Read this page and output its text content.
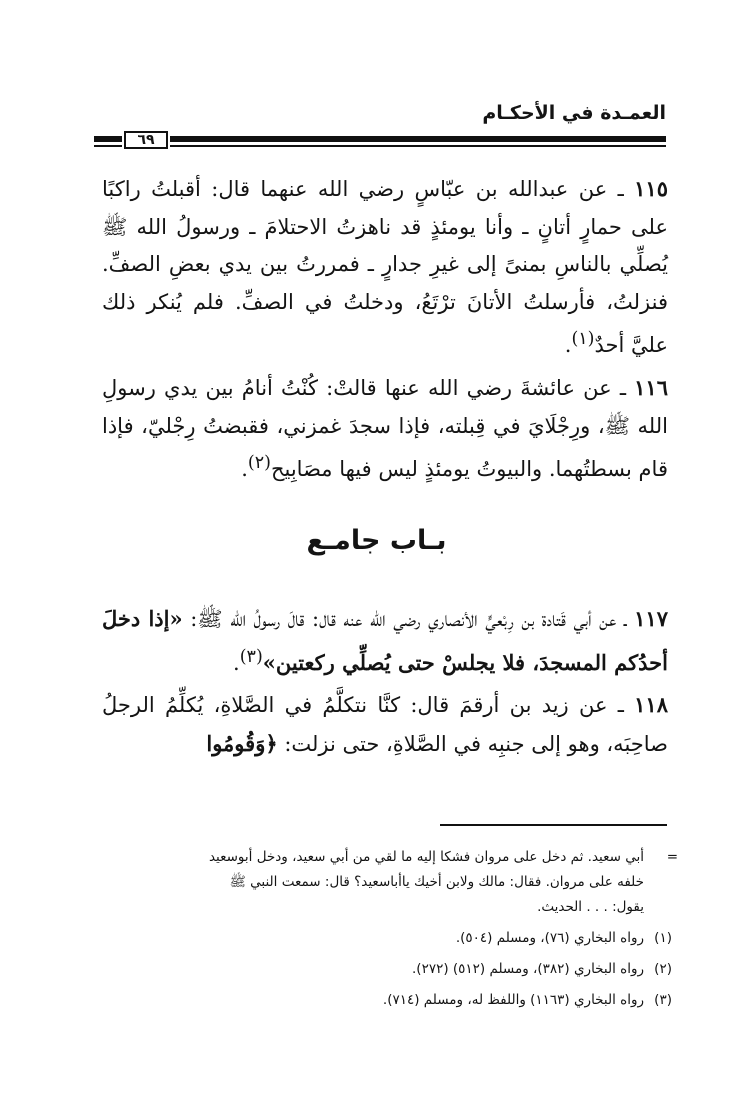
العمـدة في الأحكـام
٦٩

١١٥ ـ عن عبدالله بن عبّاسٍ رضي الله عنهما قال: أقبلتُ راكبًا على حمارٍ أتانٍ ـ وأنا يومئذٍ قد ناهزتُ الاحتلامَ ـ ورسولُ الله ﷺ يُصلِّي بالناسِ بمنىً إلى غيرِ جدارٍ ـ فمررتُ بين يدي بعضِ الصفِّ. فنزلتُ، فأرسلتُ الأتانَ ترْتَعُ، ودخلتُ في الصفِّ. فلم يُنكر ذلك عليَّ أحدٌ$^{(١)}$.

١١٦ ـ عن عائشةَ رضي الله عنها قالتْ: كُنْتُ أنامُ بين يدي رسولِ الله ﷺ، ورِجْلَايَ في قِبلته، فإذا سجدَ غمزني، فقبضتُ رِجْليّ، فإذا قام بسطتُهما. والبيوتُ يومئذٍ ليس فيها مصَابِيح$^{(٢)}$.

بـاب جامـع

١١٧ ـ عن أبي قَتادة بن رِبْعيٍّ الأنصاري رضي الله عنه قال: قالَ رسولُ الله ﷺ: «إذا دخلَ أحدُكم المسجدَ، فلا يجلسْ حتى يُصلِّي ركعتين»$^{(٣)}$.

١١٨ ـ عن زيد بن أرقمَ قال: كنَّا نتكلَّمُ في الصَّلاةِ، يُكلِّمُ الرجلُ صاحِبَه، وهو إلى جنبِه في الصَّلاةِ، حتى نزلت: ﴿وَقُومُوا

=
أبي سعيد. ثم دخل على مروان فشكا إليه ما لقي من أبي سعيد، ودخل أبوسعيد
خلفه على مروان. فقال: مالك ولابن أخيك ياأباسعيد؟ قال: سمعت النبي ﷺ
يقول: . . . الحديث.
(١)
رواه البخاري (٧٦)، ومسلم (٥٠٤).
(٢)
رواه البخاري (٣٨٢)، ومسلم (٥١٢) (٢٧٢).
(٣)
رواه البخاري (١١٦٣) واللفظ له، ومسلم (٧١٤).
